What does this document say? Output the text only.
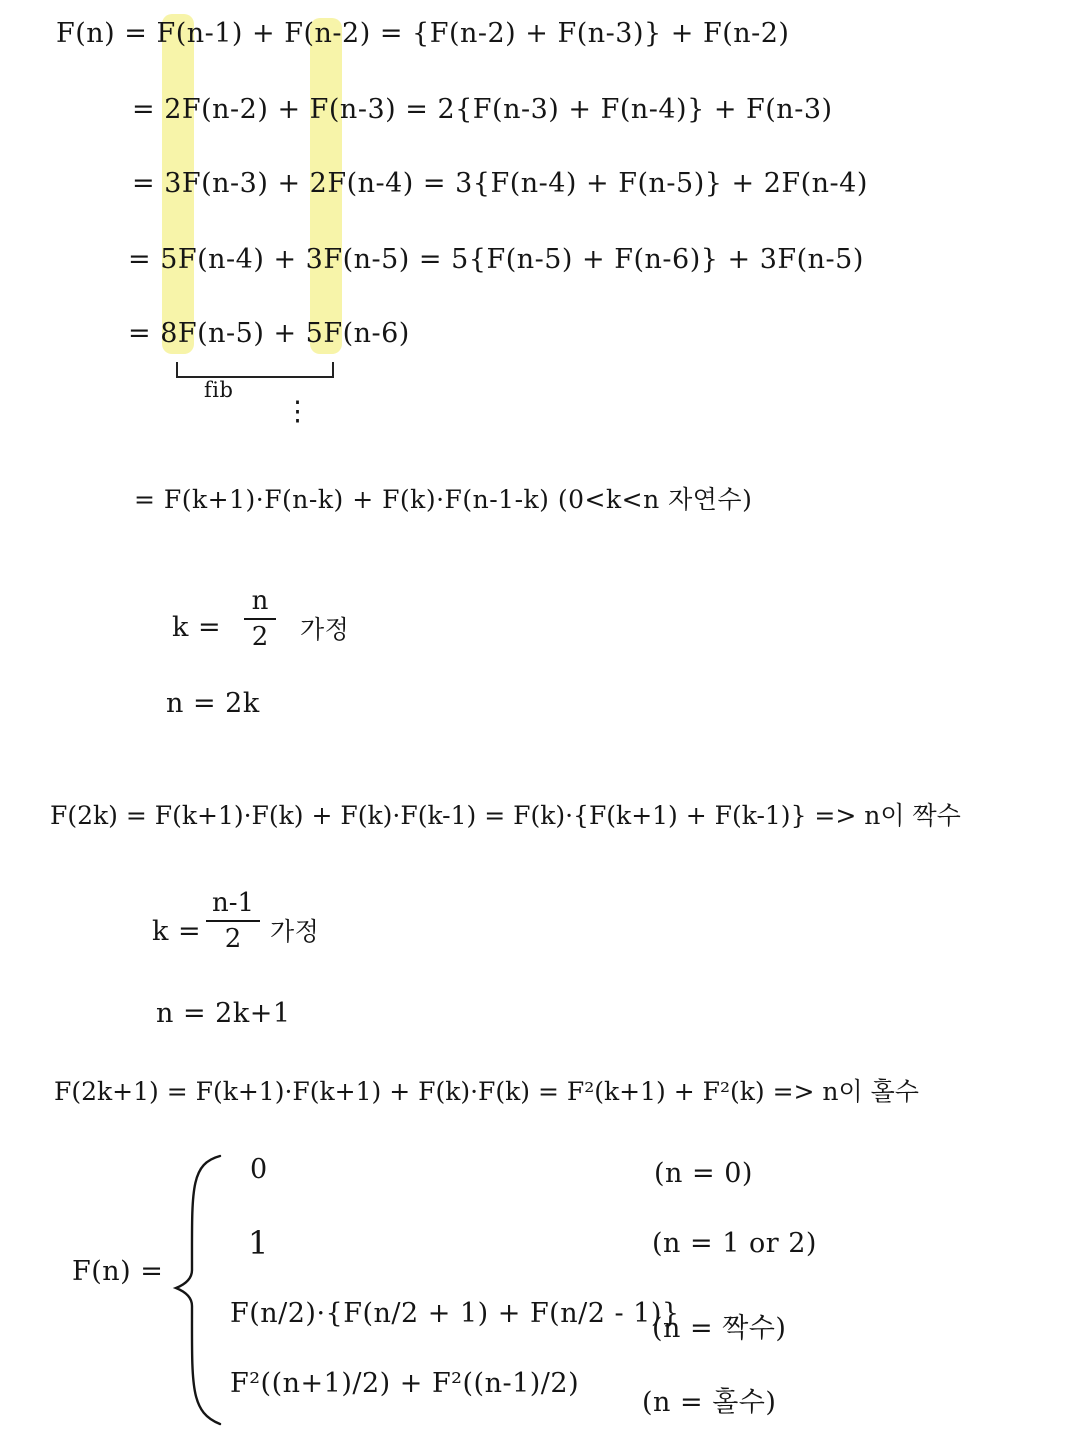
F(n) = F(n-1) + F(n-2) = {F(n-2) + F(n-3)} + F(n-2)
= 2F(n-2) + F(n-3) = 2{F(n-3) + F(n-4)} + F(n-3)
= 3F(n-3) + 2F(n-4) = 3{F(n-4) + F(n-5)} + 2F(n-4)
= 5F(n-4) + 3F(n-5) = 5{F(n-5) + F(n-6)} + 3F(n-5)
= 8F(n-5) + 5F(n-6)
fib
⋮
= F(k+1)·F(n-k) + F(k)·F(n-1-k) (0<k<n 자연수)
k =
n
2	가정
n = 2k
F(2k) = F(k+1)·F(k) + F(k)·F(k-1) = F(k)·{F(k+1) + F(k-1)} => n이 짝수
k =
n-1
2	가정
n = 2k+1
F(2k+1) = F(k+1)·F(k+1) + F(k)·F(k) = F²(k+1) + F²(k) => n이 홀수
F(n) =
0	(n = 0)
1	(n = 1 or 2)
F(n/2)·{F(n/2 + 1) + F(n/2 - 1)}
(n = 짝수)
F²((n+1)/2) + F²((n-1)/2)
(n = 홀수)
